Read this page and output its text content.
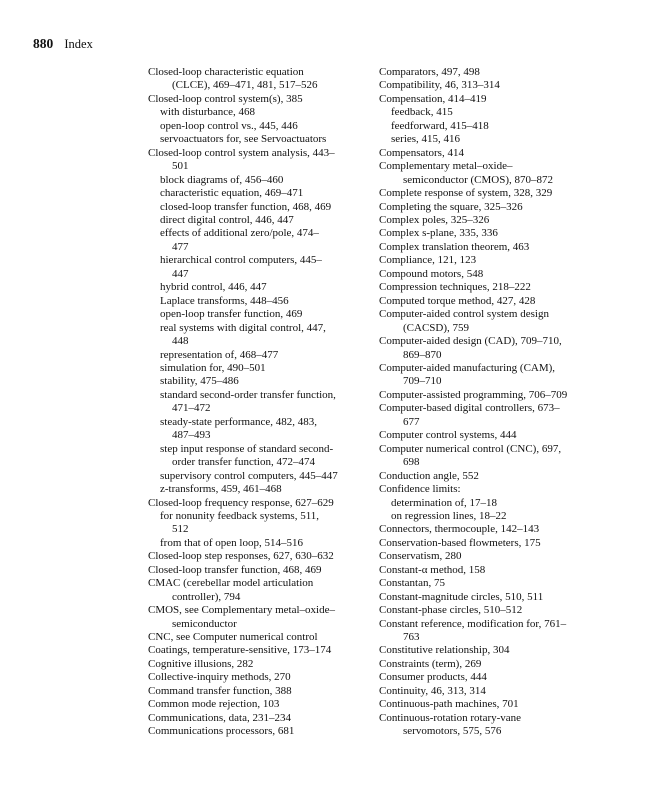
880 Index
Closed-loop characteristic equation
(CLCE), 469–471, 481, 517–526
Closed-loop control system(s), 385
with disturbance, 468
open-loop control vs., 445, 446
servoactuators for, see Servoactuators
Closed-loop control system analysis, 443–
501
block diagrams of, 456–460
characteristic equation, 469–471
closed-loop transfer function, 468, 469
direct digital control, 446, 447
effects of additional zero/pole, 474–
477
hierarchical control computers, 445–
447
hybrid control, 446, 447
Laplace transforms, 448–456
open-loop transfer function, 469
real systems with digital control, 447,
448
representation of, 468–477
simulation for, 490–501
stability, 475–486
standard second-order transfer function,
471–472
steady-state performance, 482, 483,
487–493
step input response of standard second-
order transfer function, 472–474
supervisory control computers, 445–447
z-transforms, 459, 461–468
Closed-loop frequency response, 627–629
for nonunity feedback systems, 511,
512
from that of open loop, 514–516
Closed-loop step responses, 627, 630–632
Closed-loop transfer function, 468, 469
CMAC (cerebellar model articulation
controller), 794
CMOS, see Complementary metal–oxide–
semiconductor
CNC, see Computer numerical control
Coatings, temperature-sensitive, 173–174
Cognitive illusions, 282
Collective-inquiry methods, 270
Command transfer function, 388
Common mode rejection, 103
Communications, data, 231–234
Communications processors, 681
Comparators, 497, 498
Compatibility, 46, 313–314
Compensation, 414–419
feedback, 415
feedforward, 415–418
series, 415, 416
Compensators, 414
Complementary metal–oxide–
semiconductor (CMOS), 870–872
Complete response of system, 328, 329
Completing the square, 325–326
Complex poles, 325–326
Complex s-plane, 335, 336
Complex translation theorem, 463
Compliance, 121, 123
Compound motors, 548
Compression techniques, 218–222
Computed torque method, 427, 428
Computer-aided control system design
(CACSD), 759
Computer-aided design (CAD), 709–710,
869–870
Computer-aided manufacturing (CAM),
709–710
Computer-assisted programming, 706–709
Computer-based digital controllers, 673–
677
Computer control systems, 444
Computer numerical control (CNC), 697,
698
Conduction angle, 552
Confidence limits:
determination of, 17–18
on regression lines, 18–22
Connectors, thermocouple, 142–143
Conservation-based flowmeters, 175
Conservatism, 280
Constant-α method, 158
Constantan, 75
Constant-magnitude circles, 510, 511
Constant-phase circles, 510–512
Constant reference, modification for, 761–
763
Constitutive relationship, 304
Constraints (term), 269
Consumer products, 444
Continuity, 46, 313, 314
Continuous-path machines, 701
Continuous-rotation rotary-vane
servomotors, 575, 576
